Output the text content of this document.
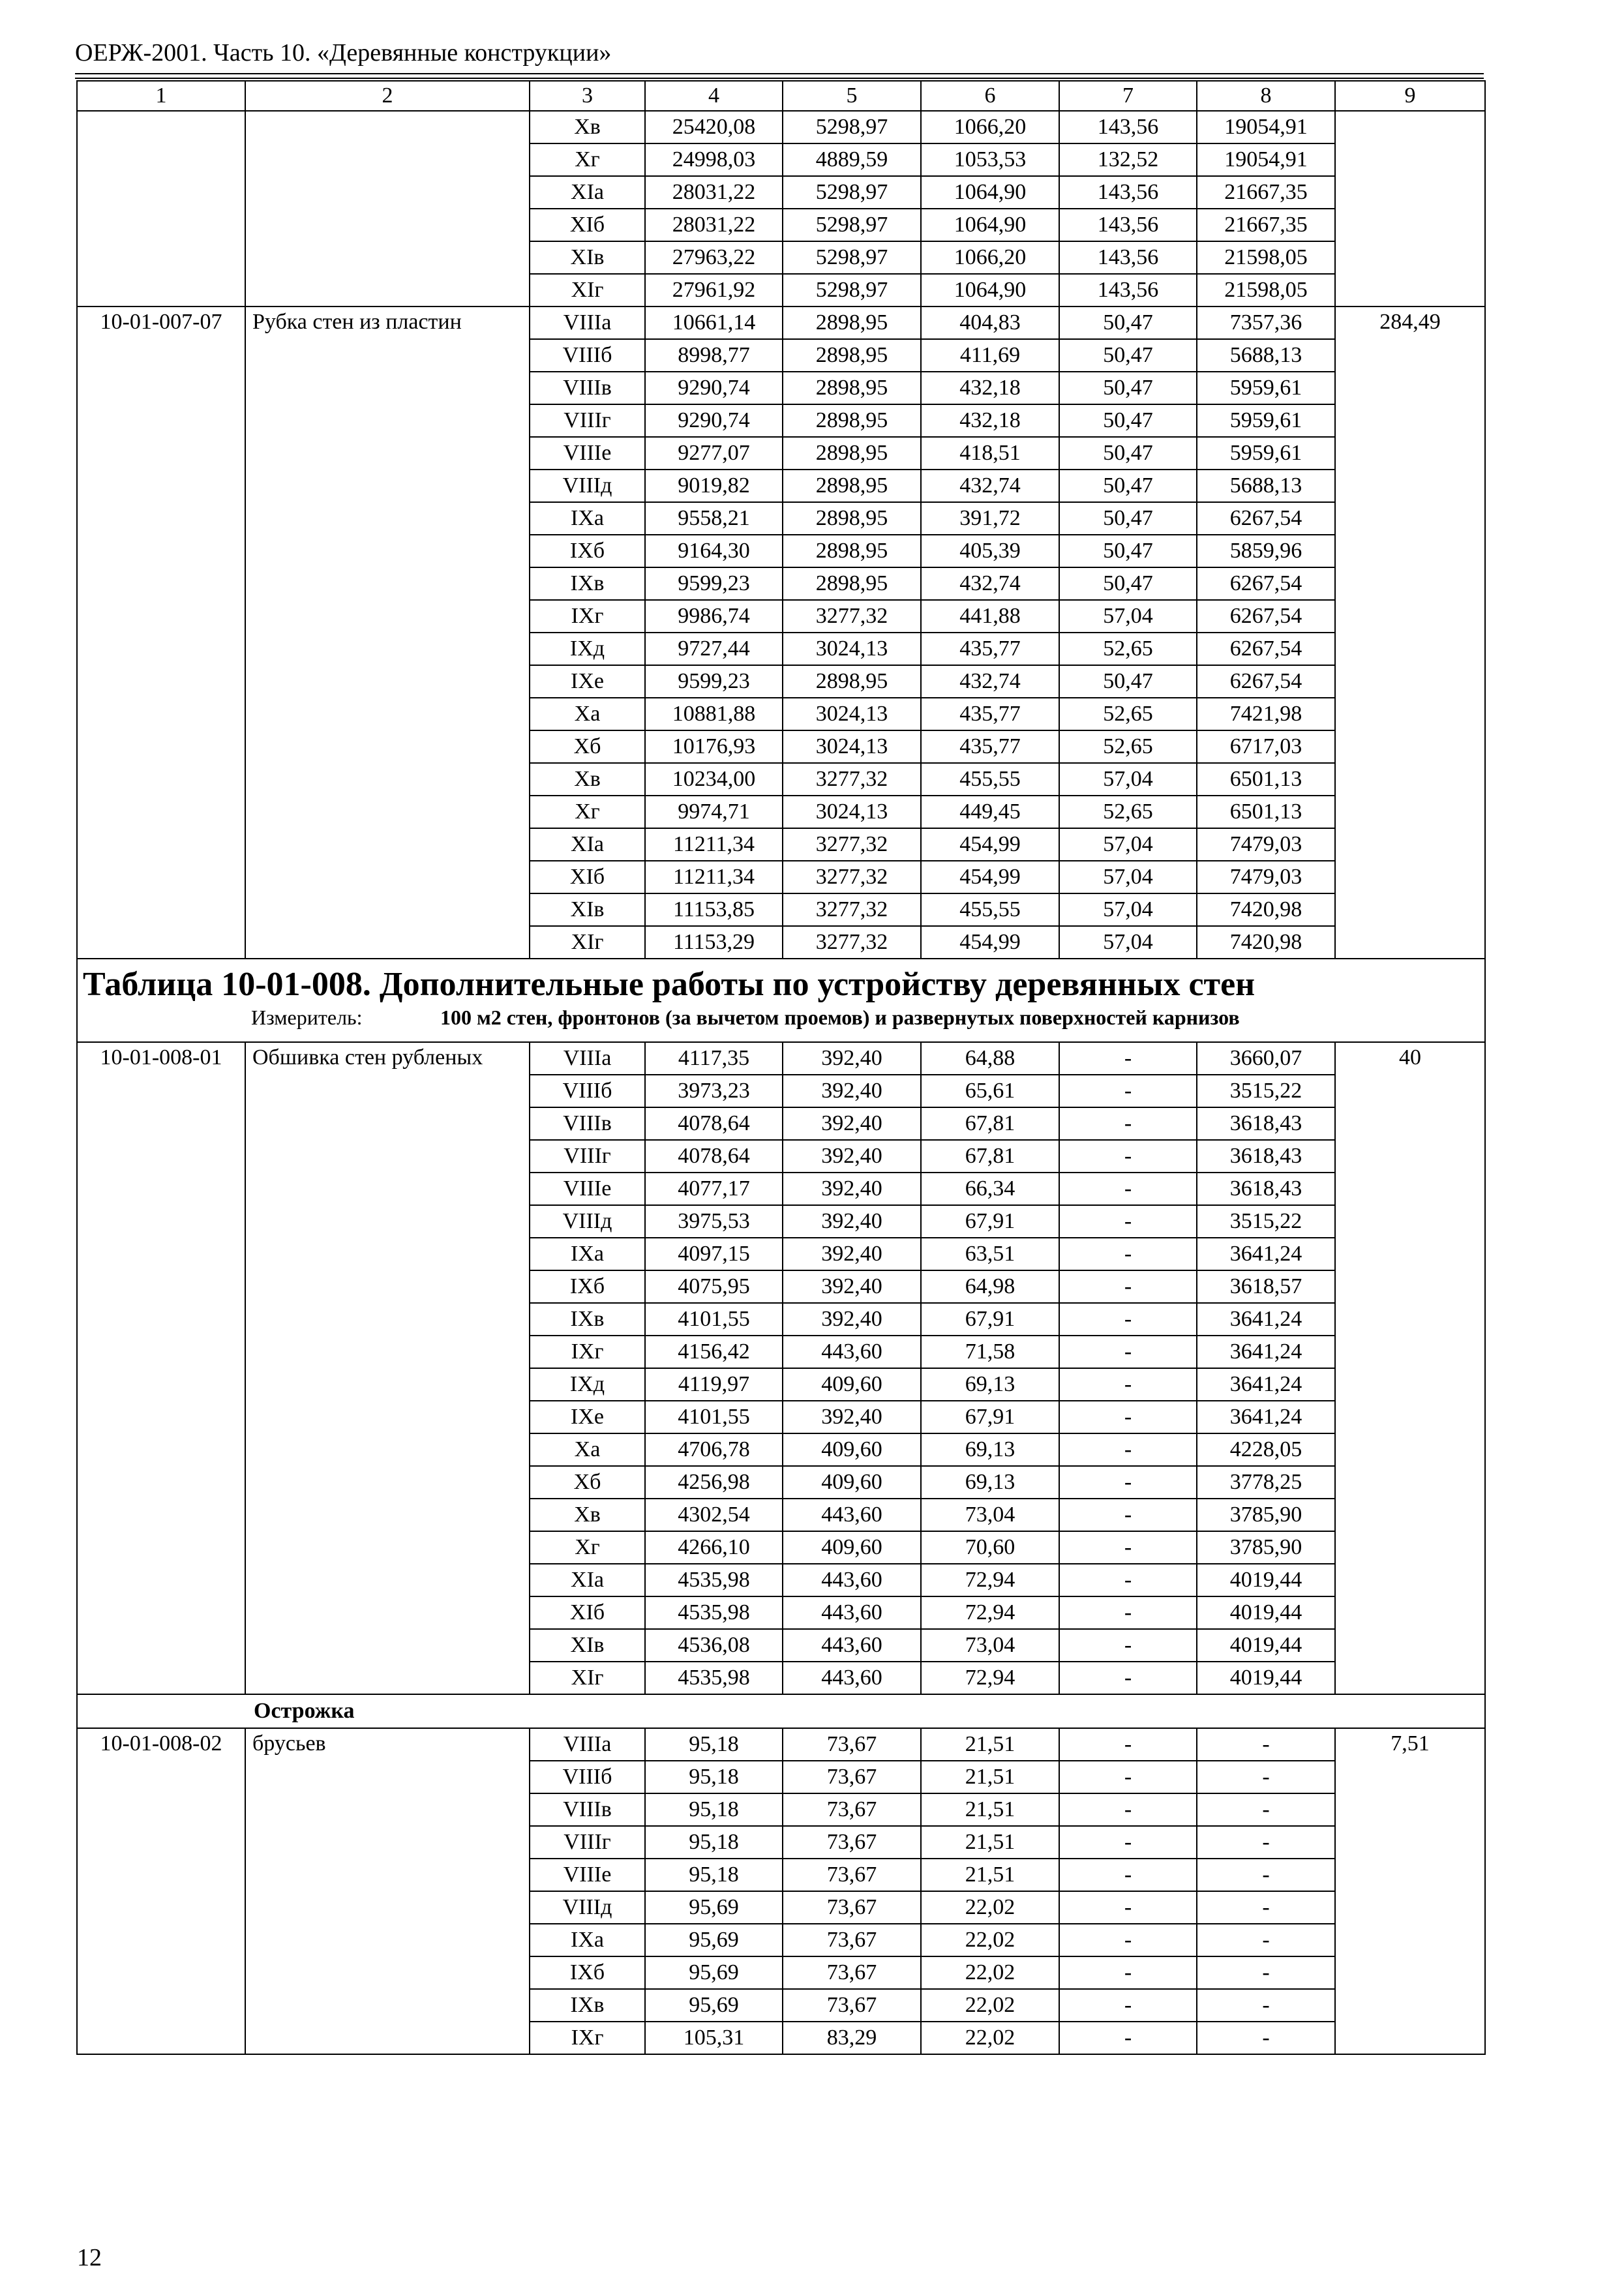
ОЕРЖ-2001. Часть 10. «Деревянные конструкции»
1	2	3	4	5	6	7	8	9
		Xв	25420,08	5298,97	1066,20	143,56	19054,91	
		Xг	24998,03	4889,59	1053,53	132,52	19054,91	
		XIа	28031,22	5298,97	1064,90	143,56	21667,35	
		XIб	28031,22	5298,97	1064,90	143,56	21667,35	
		XIв	27963,22	5298,97	1066,20	143,56	21598,05	
		XIг	27961,92	5298,97	1064,90	143,56	21598,05	
10-01-007-07	Рубка стен из пластин	VIIIа	10661,14	2898,95	404,83	50,47	7357,36	284,49
		VIIIб	8998,77	2898,95	411,69	50,47	5688,13	
		VIIIв	9290,74	2898,95	432,18	50,47	5959,61	
		VIIIг	9290,74	2898,95	432,18	50,47	5959,61	
		VIIIе	9277,07	2898,95	418,51	50,47	5959,61	
		VIIIд	9019,82	2898,95	432,74	50,47	5688,13	
		IXа	9558,21	2898,95	391,72	50,47	6267,54	
		IXб	9164,30	2898,95	405,39	50,47	5859,96	
		IXв	9599,23	2898,95	432,74	50,47	6267,54	
		IXг	9986,74	3277,32	441,88	57,04	6267,54	
		IXд	9727,44	3024,13	435,77	52,65	6267,54	
		IXе	9599,23	2898,95	432,74	50,47	6267,54	
		Xа	10881,88	3024,13	435,77	52,65	7421,98	
		Xб	10176,93	3024,13	435,77	52,65	6717,03	
		Xв	10234,00	3277,32	455,55	57,04	6501,13	
		Xг	9974,71	3024,13	449,45	52,65	6501,13	
		XIа	11211,34	3277,32	454,99	57,04	7479,03	
		XIб	11211,34	3277,32	454,99	57,04	7479,03	
		XIв	11153,85	3277,32	455,55	57,04	7420,98	
		XIг	11153,29	3277,32	454,99	57,04	7420,98	

Таблица 10-01-008. Дополнительные работы по устройству деревянных стен
Измеритель: 100 м2 стен, фронтонов (за вычетом проемов) и развернутых поверхностей карнизов								

10-01-008-01	Обшивка стен рубленых	VIIIа	4117,35	392,40	64,88	-	3660,07	40
		VIIIб	3973,23	392,40	65,61	-	3515,22	
		VIIIв	4078,64	392,40	67,81	-	3618,43	
		VIIIг	4078,64	392,40	67,81	-	3618,43	
		VIIIе	4077,17	392,40	66,34	-	3618,43	
		VIIIд	3975,53	392,40	67,91	-	3515,22	
		IXа	4097,15	392,40	63,51	-	3641,24	
		IXб	4075,95	392,40	64,98	-	3618,57	
		IXв	4101,55	392,40	67,91	-	3641,24	
		IXг	4156,42	443,60	71,58	-	3641,24	
		IXд	4119,97	409,60	69,13	-	3641,24	
		IXе	4101,55	392,40	67,91	-	3641,24	
		Xа	4706,78	409,60	69,13	-	4228,05	
		Xб	4256,98	409,60	69,13	-	3778,25	
		Xв	4302,54	443,60	73,04	-	3785,90	
		Xг	4266,10	409,60	70,60	-	3785,90	
		XIа	4535,98	443,60	72,94	-	4019,44	
		XIб	4535,98	443,60	72,94	-	4019,44	
		XIв	4536,08	443,60	73,04	-	4019,44	
		XIг	4535,98	443,60	72,94	-	4019,44	
Острожка								
10-01-008-02	брусьев	VIIIа	95,18	73,67	21,51	-	-	7,51
		VIIIб	95,18	73,67	21,51	-	-	
		VIIIв	95,18	73,67	21,51	-	-	
		VIIIг	95,18	73,67	21,51	-	-	
		VIIIе	95,18	73,67	21,51	-	-	
		VIIIд	95,69	73,67	22,02	-	-	
		IXа	95,69	73,67	22,02	-	-	
		IXб	95,69	73,67	22,02	-	-	
		IXв	95,69	73,67	22,02	-	-	
		IXг	105,31	83,29	22,02	-	-	
12
